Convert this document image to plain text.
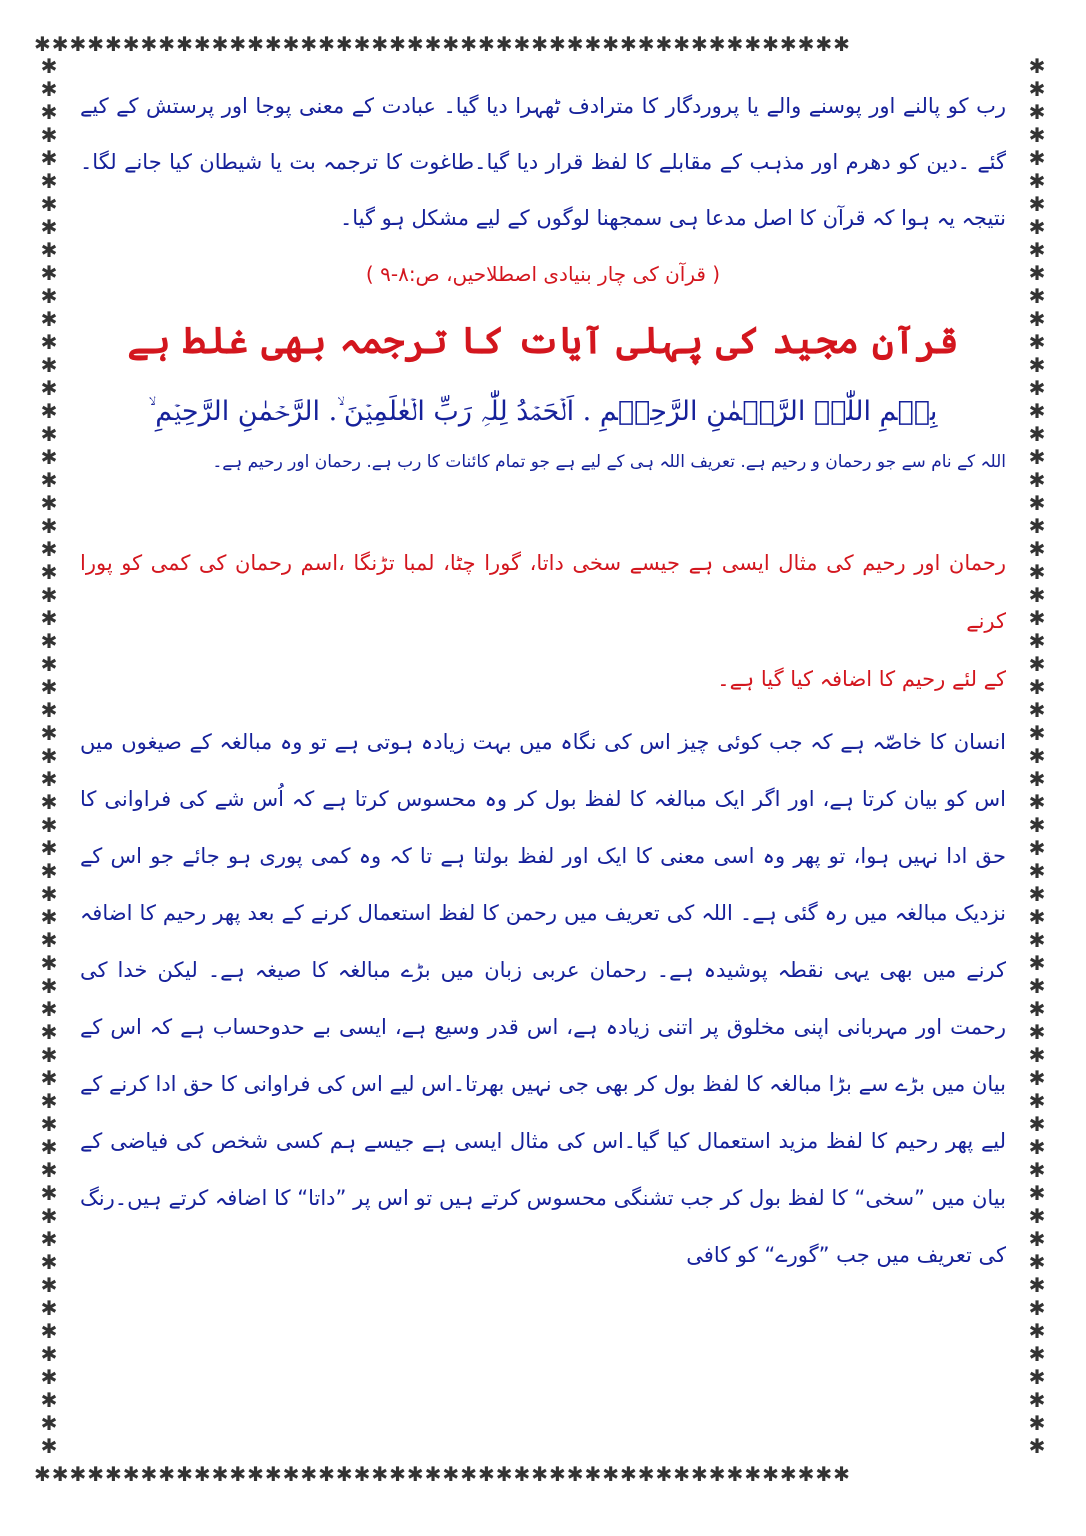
✱✱✱✱✱✱✱✱✱✱✱✱✱✱✱✱✱✱✱✱✱✱✱✱✱✱✱✱✱✱✱✱✱✱✱✱✱✱✱✱✱✱✱✱✱✱
✱✱✱✱✱✱✱✱✱✱✱✱✱✱✱✱✱✱✱✱✱✱✱✱✱✱✱✱✱✱✱✱✱✱✱✱✱✱✱✱✱✱✱✱✱✱
✱
✱
✱
✱
✱
✱
✱
✱
✱
✱
✱
✱
✱
✱
✱
✱
✱
✱
✱
✱
✱
✱
✱
✱
✱
✱
✱
✱
✱
✱
✱
✱
✱
✱
✱
✱
✱
✱
✱
✱
✱
✱
✱
✱
✱
✱
✱
✱
✱
✱
✱
✱
✱
✱
✱
✱
✱
✱
✱
✱
✱
✱
✱
✱
✱
✱
✱
✱
✱
✱
✱
✱
✱
✱
✱
✱
✱
✱
✱
✱
✱
✱
✱
✱
✱
✱
✱
✱
✱
✱
✱
✱
✱
✱
✱
✱
✱
✱
✱
✱
✱
✱
✱
✱
✱
✱
✱
✱
✱
✱
✱
✱
✱
✱
✱
✱
✱
✱
✱
✱
✱
✱

رب کو پالنے اور پوسنے والے یا پروردگار کا مترادف ٹھہرا دیا گیا۔ عبادت کے معنی پوجا اور پرستش کے کیے گئے ۔دین کو دھرم اور مذہب کے مقابلے کا لفظ قرار دیا گیا۔طاغوت کا ترجمہ بت یا شیطان کیا جانے لگا۔ نتیجہ یہ ہوا کہ قرآن کا اصل مدعا ہی سمجھنا لوگوں کے لیے مشکل ہو گیا۔

( قرآن کی چار بنیادی اصطلاحیں، ص:۸-۹ )
قرآن مجید کی پہلی آیات کا ترجمہ بھی غلط ہے
بِسۡمِ اللّٰہِ الرَّحۡمٰنِ الرَّحِیۡمِ ‎. اَلۡحَمۡدُ لِلّٰہِ رَبِّ الۡعٰلَمِیۡنَ ۙ. الرَّحۡمٰنِ الرَّحِیۡمِ ۙ
اللہ کے نام سے جو رحمان و رحیم ہے. تعریف اللہ ہی کے لیے ہے جو تمام کائنات کا رب ہے. رحمان اور رحیم ہے۔

رحمان اور رحیم کی مثال ایسی ہے جیسے سخی داتا، گورا چٹا، لمبا تڑنگا ،اسم رحمان کی کمی کو پورا کرنے
کے لئے رحیم کا اضافہ کیا گیا ہے۔

انسان کا خاصّہ ہے کہ جب کوئی چیز اس کی نگاہ میں بہت زیادہ ہوتی ہے تو وہ مبالغہ کے صیغوں میں اس کو بیان کرتا ہے، اور اگر ایک مبالغہ کا لفظ بول کر وہ محسوس کرتا ہے کہ اُس شے کی فراوانی کا حق ادا نہیں ہوا، تو پھر وہ اسی معنی کا ایک اور لفظ بولتا ہے تا کہ وہ کمی پوری ہو جائے جو اس کے نزدیک مبالغہ میں رہ گئی ہے۔ اللہ کی تعریف میں رحمن کا لفظ استعمال کرنے کے بعد پھر رحیم کا اضافہ کرنے میں بھی یہی نقطہ پوشیدہ ہے۔ رحمان عربی زبان میں بڑے مبالغہ کا صیغہ ہے۔ لیکن خدا کی رحمت اور مہربانی اپنی مخلوق پر اتنی زیادہ ہے، اس قدر وسیع ہے، ایسی بے حدوحساب ہے کہ اس کے بیان میں بڑے سے بڑا مبالغہ کا لفظ بول کر بھی جی نہیں بھرتا۔اس لیے اس کی فراوانی کا حق ادا کرنے کے لیے پھر رحیم کا لفظ مزید استعمال کیا گیا۔اس کی مثال ایسی ہے جیسے ہم کسی شخص کی فیاضی کے بیان میں ”سخی“ کا لفظ بول کر جب تشنگی محسوس کرتے ہیں تو اس پر ”داتا“ کا اضافہ کرتے ہیں۔رنگ کی تعریف میں جب ”گورے“ کو کافی
